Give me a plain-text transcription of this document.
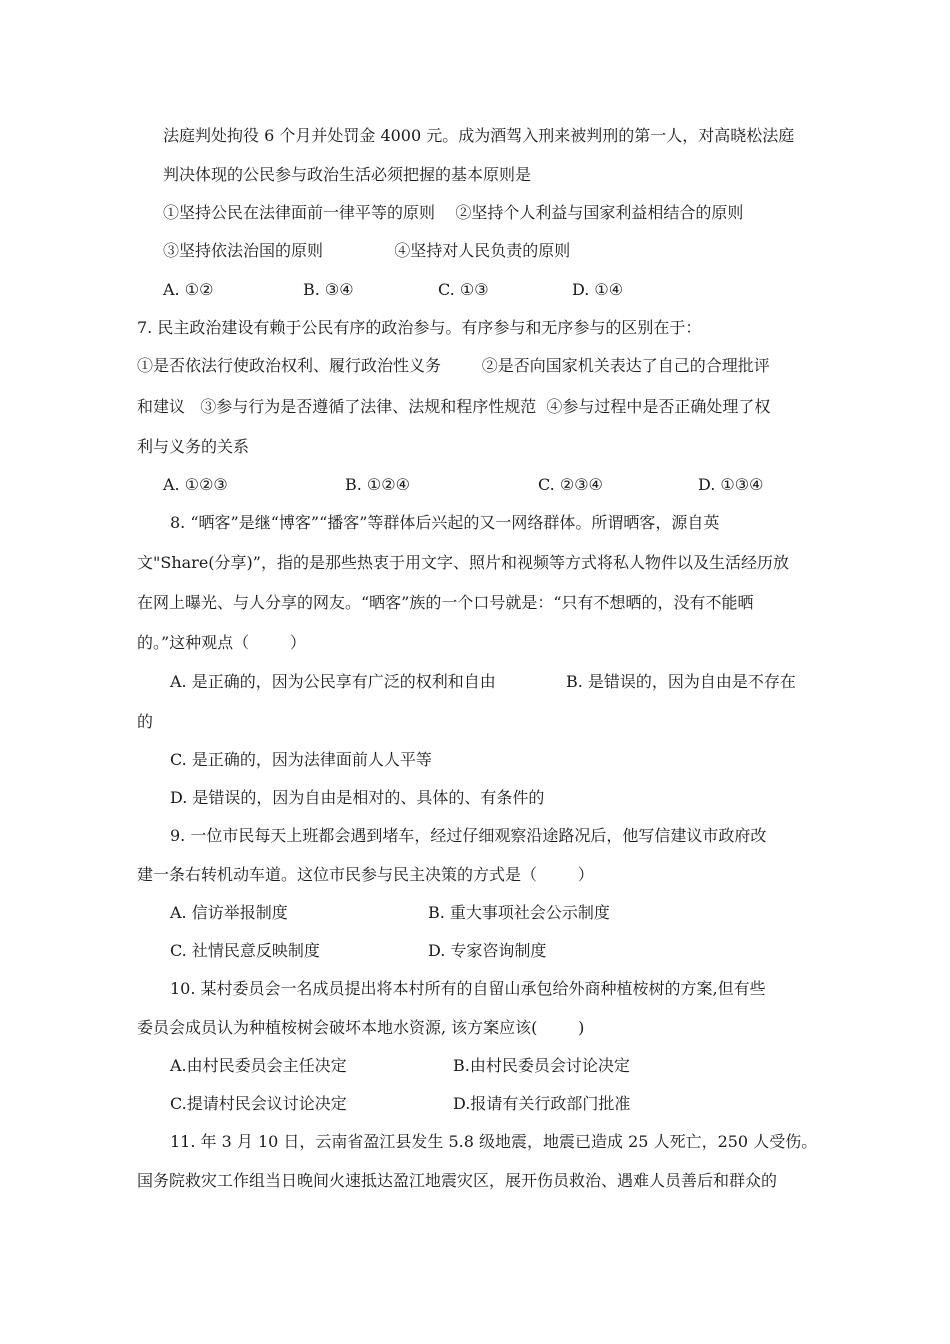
法庭判处拘役 6 个月并处罚金 4000 元。成为酒驾入刑来被判刑的第一人，对高晓松法庭
判决体现的公民参与政治生活必须把握的基本原则是
①坚持公民在法律面前一律平等的原则    ②坚持个人利益与国家利益相结合的原则
③坚持依法治国的原则              ④坚持对人民负责的原则
A. ①②	B. ③④	C. ①③	D. ①④
7. 民主政治建设有赖于公民有序的政治参与。有序参与和无序参与的区别在于：
①是否依法行使政治权利、履行政治性义务        ②是否向国家机关表达了自己的合理批评
和建议   ③参与行为是否遵循了法律、法规和程序性规范  ④参与过程中是否正确处理了权
利与义务的关系
A. ①②③	B. ①②④	C. ②③④	D. ①③④
8. “晒客”是继“博客”“播客”等群体后兴起的又一网络群体。所谓晒客，源自英
文"Share(分享)”，指的是那些热衷于用文字、照片和视频等方式将私人物件以及生活经历放
在网上曝光、与人分享的网友。“晒客”族的一个口号就是：“只有不想晒的，没有不能晒
的。”这种观点（        ）
A. 是正确的，因为公民享有广泛的权利和自由	B. 是错误的，因为自由是不存在
的
C. 是正确的，因为法律面前人人平等
D. 是错误的，因为自由是相对的、具体的、有条件的
9. 一位市民每天上班都会遇到堵车，经过仔细观察沿途路况后，他写信建议市政府改
建一条右转机动车道。这位市民参与民主决策的方式是（        ）
A. 信访举报制度	B. 重大事项社会公示制度
C. 社情民意反映制度	D. 专家咨询制度
10. 某村委员会一名成员提出将本村所有的自留山承包给外商种植桉树的方案,但有些
委员会成员认为种植桉树会破坏本地水资源, 该方案应该(        )
A.由村民委员会主任决定	B.由村民委员会讨论决定
C.提请村民会议讨论决定	D.报请有关行政部门批准
11. 年 3 月 10 日，云南省盈江县发生 5.8 级地震，地震已造成 25 人死亡，250 人受伤。
国务院救灾工作组当日晚间火速抵达盈江地震灾区，展开伤员救治、遇难人员善后和群众的
